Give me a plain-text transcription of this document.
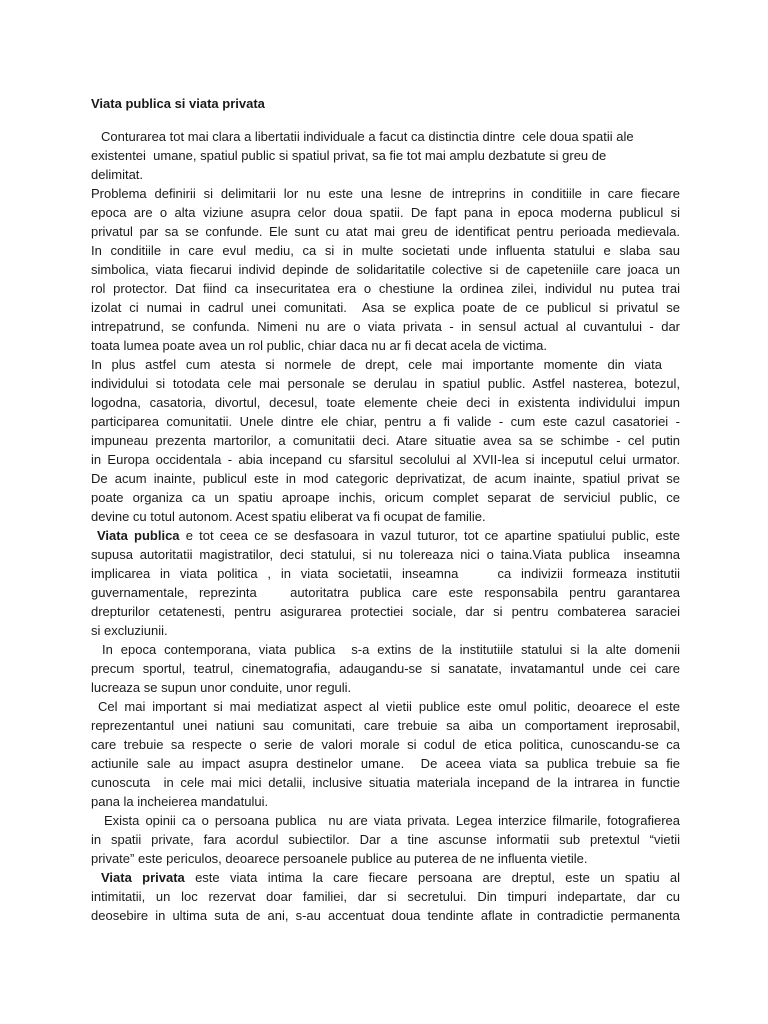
Viata publica si viata privata
Conturarea tot mai clara a libertatii individuale a facut ca distinctia dintre  cele doua spatii ale
existentei  umane, spatiul public si spatiul privat, sa fie tot mai amplu dezbatute si greu de
delimitat.
Problema definirii si delimitarii lor nu este una lesne de intreprins in conditiile in care fiecare
epoca are o alta viziune asupra celor doua spatii. De fapt pana in epoca moderna publicul si
privatul par sa se confunde. Ele sunt cu atat mai greu de identificat pentru perioada medievala.
In conditiile in care evul mediu, ca si in multe societati unde influenta statului e slaba sau
simbolica, viata fiecarui individ depinde de solidaritatile colective si de capeteniile care joaca un
rol protector. Dat fiind ca insecuritatea era o chestiune la ordinea zilei, individul nu putea trai
izolat ci numai in cadrul unei comunitati.  Asa se explica poate de ce publicul si privatul se
intrepatrund, se confunda. Nimeni nu are o viata privata - in sensul actual al cuvantului - dar
toata lumea poate avea un rol public, chiar daca nu ar fi decat acela de victima.
In plus astfel cum atesta si normele de drept, cele mai importante momente din viata
individului si totodata cele mai personale se derulau in spatiul public. Astfel nasterea, botezul,
logodna, casatoria, divortul, decesul, toate elemente cheie deci in existenta individului impun
participarea comunitatii. Unele dintre ele chiar, pentru a fi valide - cum este cazul casatoriei -
impuneau prezenta martorilor, a comunitatii deci. Atare situatie avea sa se schimbe - cel putin
in Europa occidentala - abia incepand cu sfarsitul secolului al XVII-lea si inceputul celui urmator.
De acum inainte, publicul este in mod categoric deprivatizat, de acum inainte, spatiul privat se
poate organiza ca un spatiu aproape inchis, oricum complet separat de serviciul public, ce
devine cu totul autonom. Acest spatiu eliberat va fi ocupat de familie.
Viata publica e tot ceea ce se desfasoara in vazul tuturor, tot ce apartine spatiului public, este
supusa autoritatii magistratilor, deci statului, si nu tolereaza nici o taina.Viata publica  inseamna
implicarea in viata politica , in viata societatii, inseamna    ca indivizii formeaza institutii
guvernamentale, reprezinta   autoritatra publica care este responsabila pentru garantarea
drepturilor cetatenesti, pentru asigurarea protectiei sociale, dar si pentru combaterea saraciei
si excluziunii.
In epoca contemporana, viata publica  s-a extins de la institutiile statului si la alte domenii
precum sportul, teatrul, cinematografia, adaugandu-se si sanatate, invatamantul unde cei care
lucreaza se supun unor conduite, unor reguli.
Cel mai important si mai mediatizat aspect al vietii publice este omul politic, deoarece el este
reprezentantul unei natiuni sau comunitati, care trebuie sa aiba un comportament ireprosabil,
care trebuie sa respecte o serie de valori morale si codul de etica politica, cunoscandu-se ca
actiunile sale au impact asupra destinelor umane.  De aceea viata sa publica trebuie sa fie
cunoscuta  in cele mai mici detalii, inclusive situatia materiala incepand de la intrarea in functie
pana la incheierea mandatului.
Exista opinii ca o persoana publica  nu are viata privata. Legea interzice filmarile, fotografierea
in spatii private, fara acordul subiectilor. Dar a tine ascunse informatii sub pretextul “vietii
private” este periculos, deoarece persoanele publice au puterea de ne influenta vietile.
Viata privata este viata intima la care fiecare persoana are dreptul, este un spatiu al
intimitatii, un loc rezervat doar familiei, dar si secretului. Din timpuri indepartate, dar cu
deosebire in ultima suta de ani, s-au accentuat doua tendinte aflate in contradictie permanenta
